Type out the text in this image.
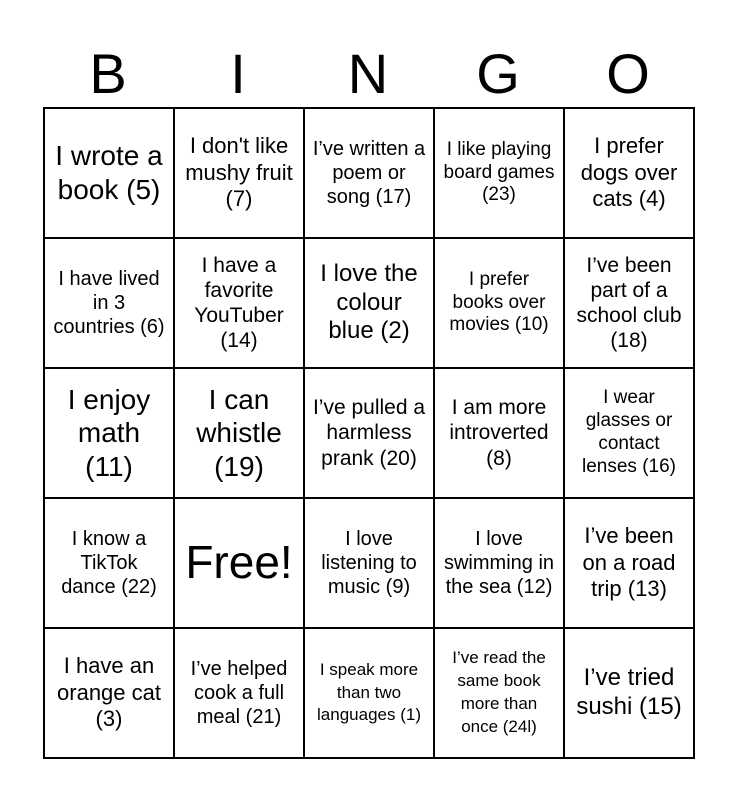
B	I	N	G	O
I wrote a book (5)	I don't like mushy fruit (7)	I’ve written a poem or song (17)	I like playing board games (23)	I prefer dogs over cats (4)
I have lived in 3 countries (6)	I have a favorite YouTuber (14)	I love the colour blue (2)	I prefer books over movies (10)	I’ve been part of a school club (18)
I enjoy math (11)	I can whistle (19)	I’ve pulled a harmless prank (20)	I am more introverted (8)	I wear glasses or contact lenses (16)
I know a TikTok dance (22)	Free!	I love listening to music (9)	I love swimming in the sea (12)	I’ve been on a road trip (13)
I have an orange cat (3)	I’ve helped cook a full meal (21)	I speak more than two languages (1)	I’ve read the same book more than once (24l)	I’ve tried sushi (15)
